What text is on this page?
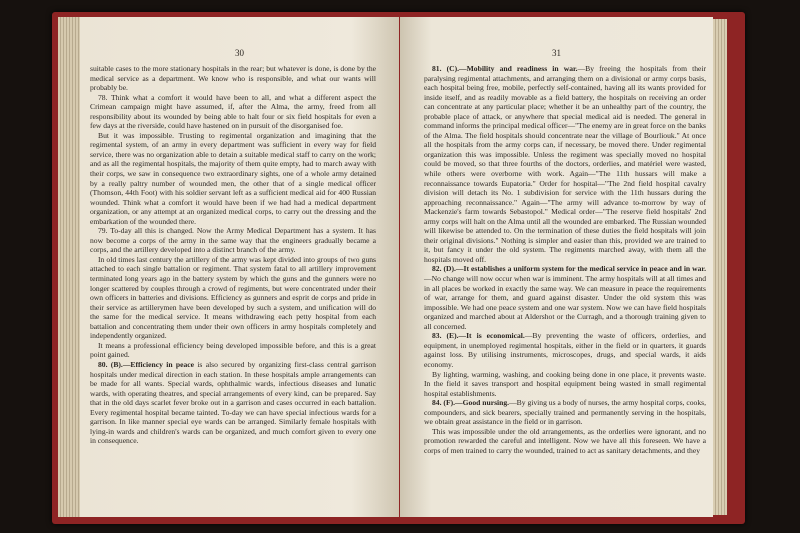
30

suitable cases to the more stationary hospitals in the rear; but whatever is done, is done by the medical service as a department. We know who is responsible, and what our wants will probably be.

78. Think what a comfort it would have been to all, and what a different aspect the Crimean campaign might have assumed, if, after the Alma, the army, freed from all responsibility about its wounded by being able to halt four or six field hospitals for even a few days at the riverside, could have hastened on in pursuit of the disorganised foe.

But it was impossible. Trusting to regimental organization and imagining that the regimental system, of an army in every department was sufficient in every way for field service, there was no organization able to detain a suitable medical staff to carry on the work; and as all the regimental hospitals, the majority of them quite empty, had to march away with their corps, we saw in consequence two extraordinary sights, one of a whole army detained by a really paltry number of wounded men, the other that of a single medical officer (Thomson, 44th Foot) with his soldier servant left as a sufficient medical aid for 400 Russian wounded. Think what a comfort it would have been if we had had a medical department organization, or any attempt at an organized medical corps, to carry out the dressing and the embarkation of the wounded there.

79. To-day all this is changed. Now the Army Medical Department has a system. It has now become a corps of the army in the same way that the engineers gradually became a corps, and the artillery developed into a distinct branch of the army.

In old times last century the artillery of the army was kept divided into groups of two guns attached to each single battalion or regiment. That system fatal to all artillery improvement terminated long years ago in the battery system by which the guns and the gunners were no longer scattered by couples through a crowd of regiments, but were concentrated under their own officers in batteries and divisions. Efficiency as gunners and esprit de corps and pride in their service as artillerymen have been developed by such a system, and unification will do the same for the medical service. It means withdrawing each petty hospital from each battalion and concentrating them under their own officers in army hospitals completely and independently organized.

It means a professional efficiency being developed impossible before, and this is a great point gained.

80. (B).—Efficiency in peace is also secured by organizing first-class central garrison hospitals under medical direction in each station. In these hospitals ample arrangements can be made for all wants. Special wards, ophthalmic wards, infectious diseases and lunatic wards, with operating theatres, and special arrangements of every kind, can be prepared. Say that in the old days scarlet fever broke out in a garrison and cases occurred in each battalion. Every regimental hospital became tainted. To-day we can have special infectious wards for a garrison. In like manner special eye wards can be arranged. Similarly female hospitals with lying-in wards and children's wards can be organized, and much comfort given to every one in consequence.

31

81. (C).—Mobility and readiness in war.—By freeing the hospitals from their paralysing regimental attachments, and arranging them on a divisional or army corps basis, each hospital being free, mobile, perfectly self-contained, having all its wants provided for inside itself, and as readily movable as a field battery, the hospitals on receiving an order can concentrate at any particular place; whether it be an unhealthy part of the country, the probable place of attack, or anywhere that special medical aid is needed. The general in command informs the principal medical officer—"The enemy are in great force on the banks of the Alma. The field hospitals should concentrate near the village of Bourliouk." At once all the hospitals from the army corps can, if necessary, be moved there. Under regimental organization this was impossible. Unless the regiment was specially moved no hospital could be moved, so that three fourths of the doctors, orderlies, and matériel were wasted, while others were overborne with work. Again—"The 11th hussars will make a reconnaissance towards Eupatoria." Order for hospital—"The 2nd field hospital cavalry division will detach its No. 1 subdivision for service with the 11th hussars during the approaching reconnaissance." Again—"The army will advance to-morrow by way of Mackenzie's farm towards Sebastopol." Medical order—"The reserve field hospitals' 2nd army corps will halt on the Alma until all the wounded are embarked. The Russian wounded will likewise be attended to. On the termination of these duties the field hospitals will join their original divisions." Nothing is simpler and easier than this, provided we are trained to it, but fancy it under the old system. The regiments marched away, with them all the hospitals moved off.

82. (D).—It establishes a uniform system for the medical service in peace and in war.—No change will now occur when war is imminent. The army hospitals will at all times and in all places be worked in exactly the same way. We can measure in peace the requirements of war, arrange for them, and guard against disaster. Under the old system this was impossible. We had one peace system and one war system. Now we can have field hospitals organized and marched about at Aldershot or the Curragh, and a thorough training given to all concerned.

83. (E).—It is economical.—By preventing the waste of officers, orderlies, and equipment, in unemployed regimental hospitals, either in the field or in quarters, it guards against loss. By utilising instruments, microscopes, drugs, and special wards, it aids economy.

By lighting, warming, washing, and cooking being done in one place, it prevents waste. In the field it saves transport and hospital equipment being wasted in small regimental hospital establishments.

84. (F).—Good nursing.—By giving us a body of nurses, the army hospital corps, cooks, compounders, and sick bearers, specially trained and permanently serving in the hospitals, we obtain great assistance in the field or in garrison.

This was impossible under the old arrangements, as the orderlies were ignorant, and no promotion rewarded the careful and intelligent. Now we have all this foreseen. We have a corps of men trained to carry the wounded, trained to act as sanitary detachments, and they
